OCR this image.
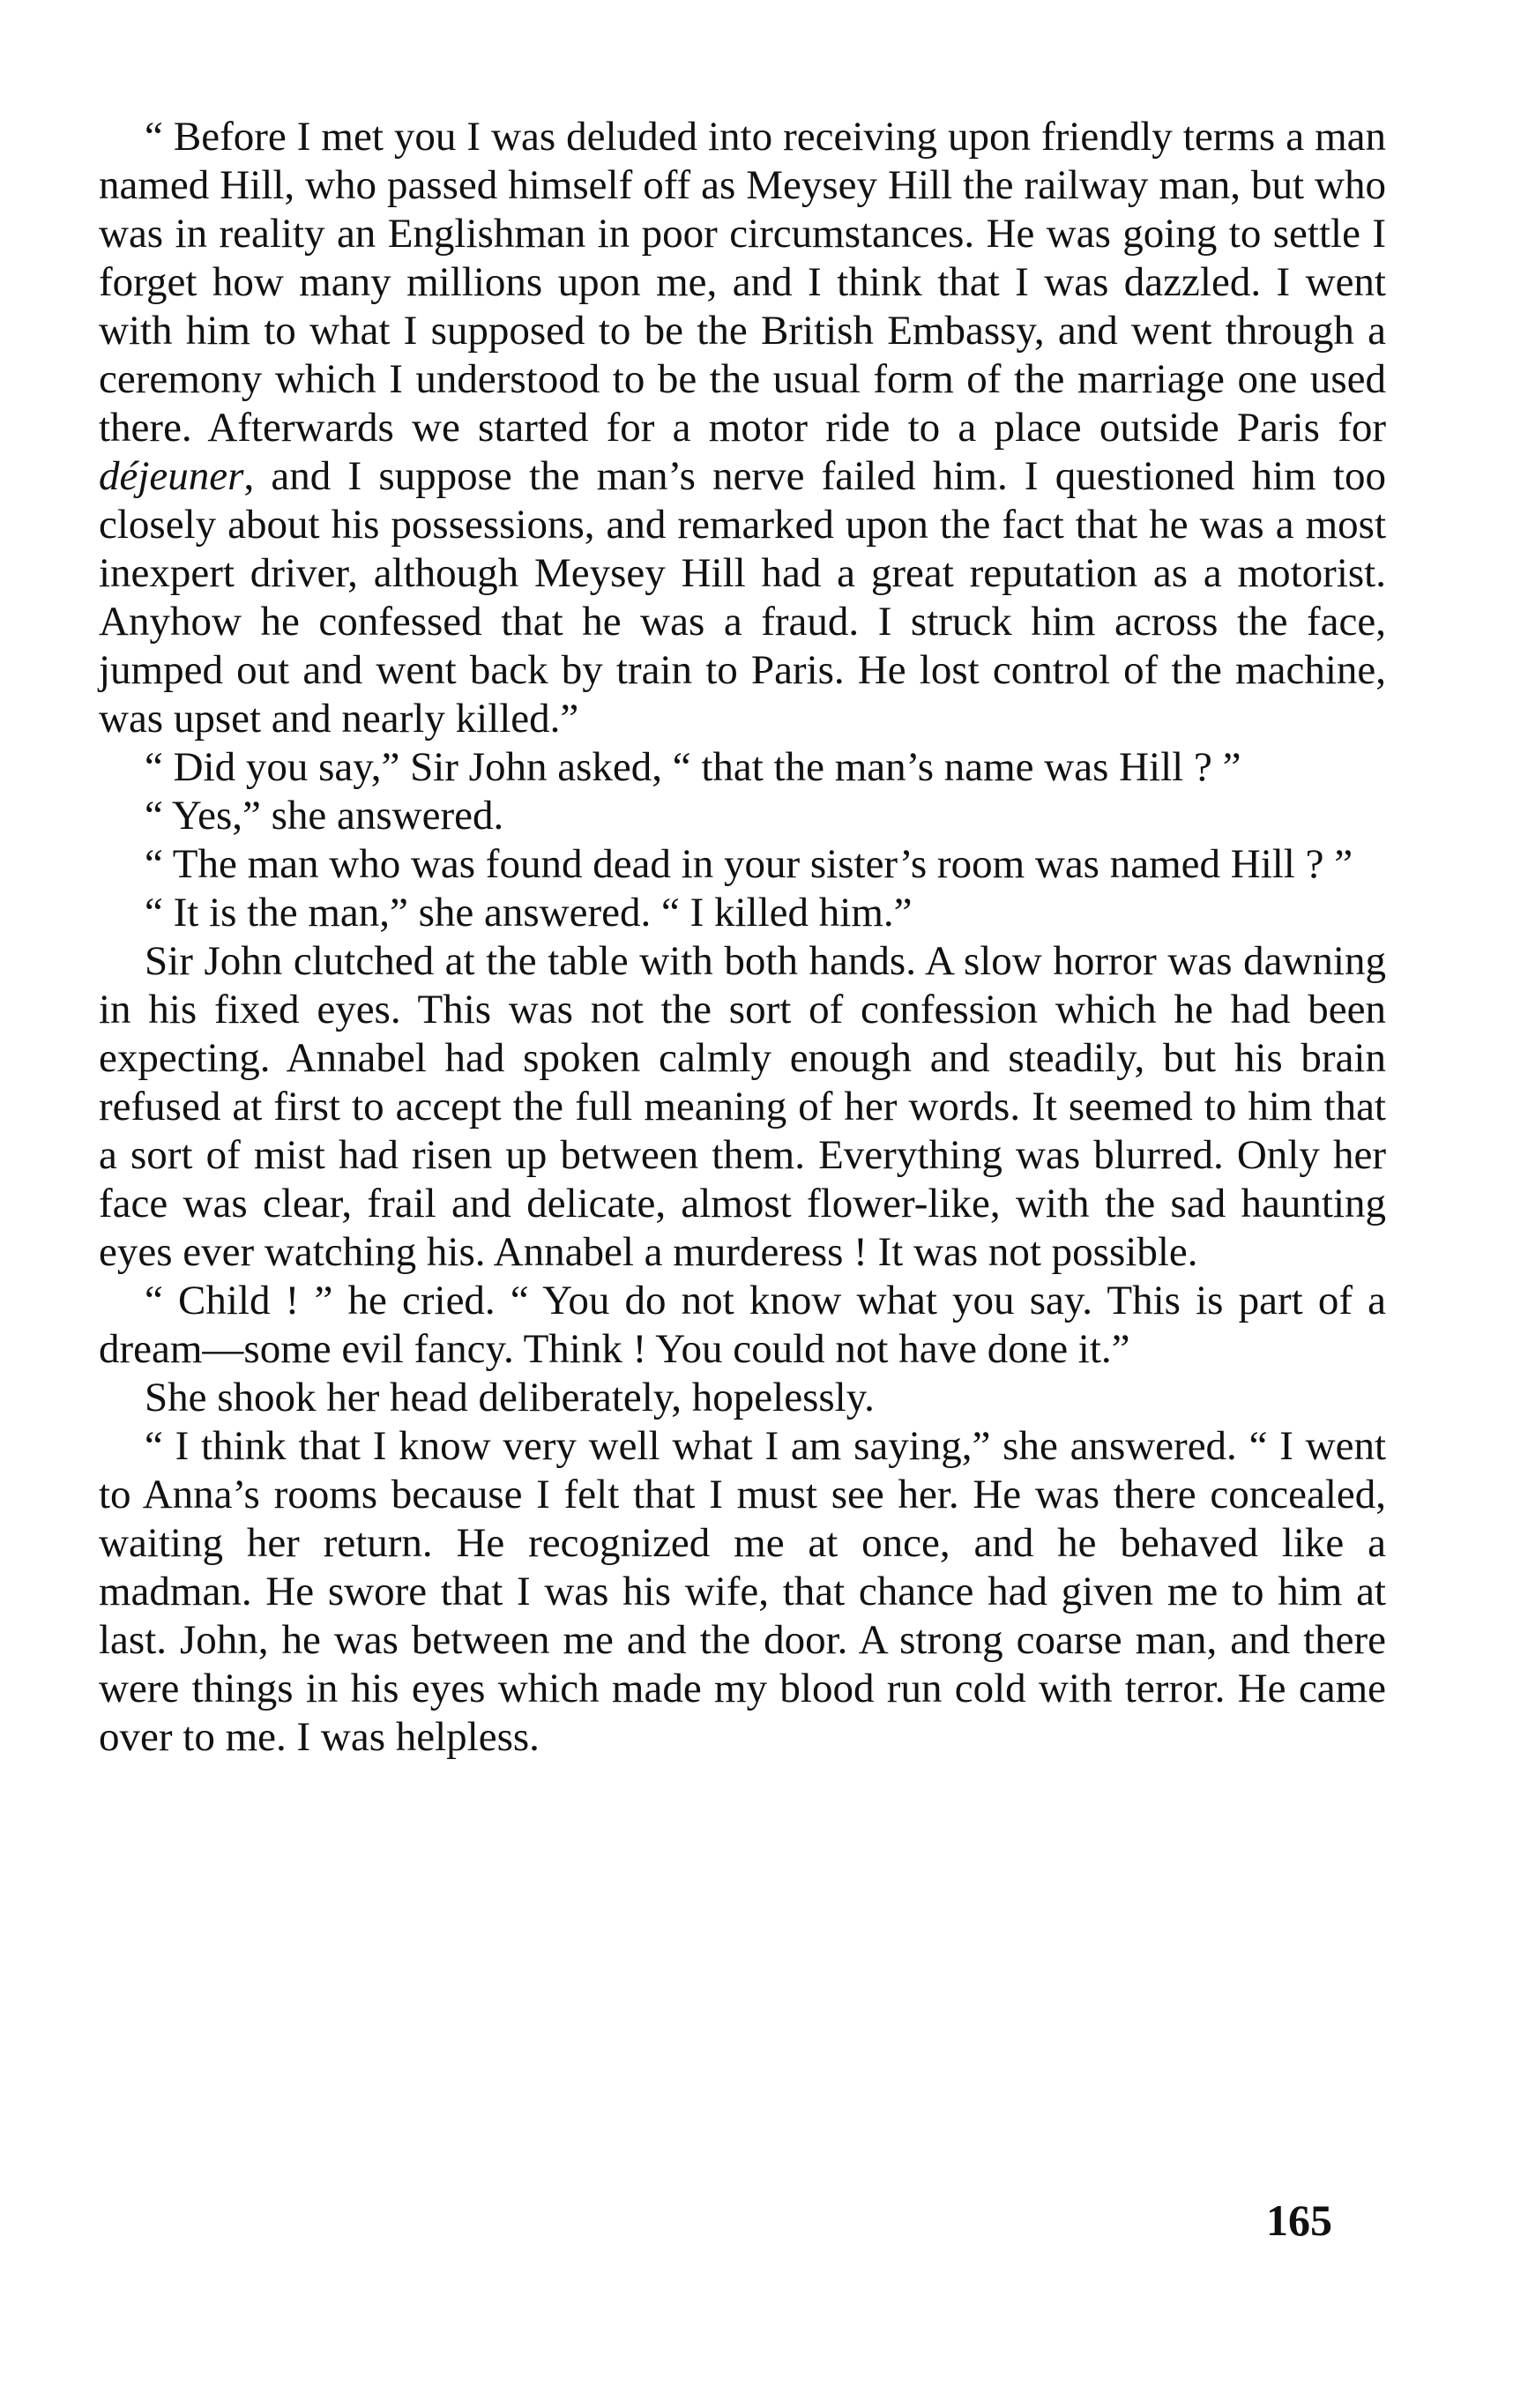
“ Before I met you I was deluded into receiving upon friendly terms a man named Hill, who passed himself off as Meysey Hill the railway man, but who was in reality an Englishman in poor circumstances. He was going to settle I forget how many millions upon me, and I think that I was dazzled. I went with him to what I supposed to be the British Embassy, and went through a ceremony which I understood to be the usual form of the marriage one used there. Afterwards we started for a motor ride to a place outside Paris for déjeuner, and I suppose the man’s nerve failed him. I questioned him too closely about his possessions, and remarked upon the fact that he was a most inexpert driver, although Meysey Hill had a great reputation as a motorist. Anyhow he confessed that he was a fraud. I struck him across the face, jumped out and went back by train to Paris. He lost control of the machine, was upset and nearly killed.”

“ Did you say,” Sir John asked, “ that the man’s name was Hill ? ”

“ Yes,” she answered.

“ The man who was found dead in your sister’s room was named Hill ? ”

“ It is the man,” she answered. “ I killed him.”

Sir John clutched at the table with both hands. A slow horror was dawning in his fixed eyes. This was not the sort of confession which he had been expecting. Annabel had spoken calmly enough and steadily, but his brain refused at first to accept the full meaning of her words. It seemed to him that a sort of mist had risen up between them. Everything was blurred. Only her face was clear, frail and delicate, almost flower-like, with the sad haunting eyes ever watching his. Annabel a murderess ! It was not possible.

“ Child ! ” he cried. “ You do not know what you say. This is part of a dream—some evil fancy. Think ! You could not have done it.”

She shook her head deliberately, hopelessly.

“ I think that I know very well what I am saying,” she answered. “ I went to Anna’s rooms because I felt that I must see her. He was there concealed, waiting her return. He recognized me at once, and he behaved like a madman. He swore that I was his wife, that chance had given me to him at last. John, he was between me and the door. A strong coarse man, and there were things in his eyes which made my blood run cold with terror. He came over to me. I was helpless.

165
